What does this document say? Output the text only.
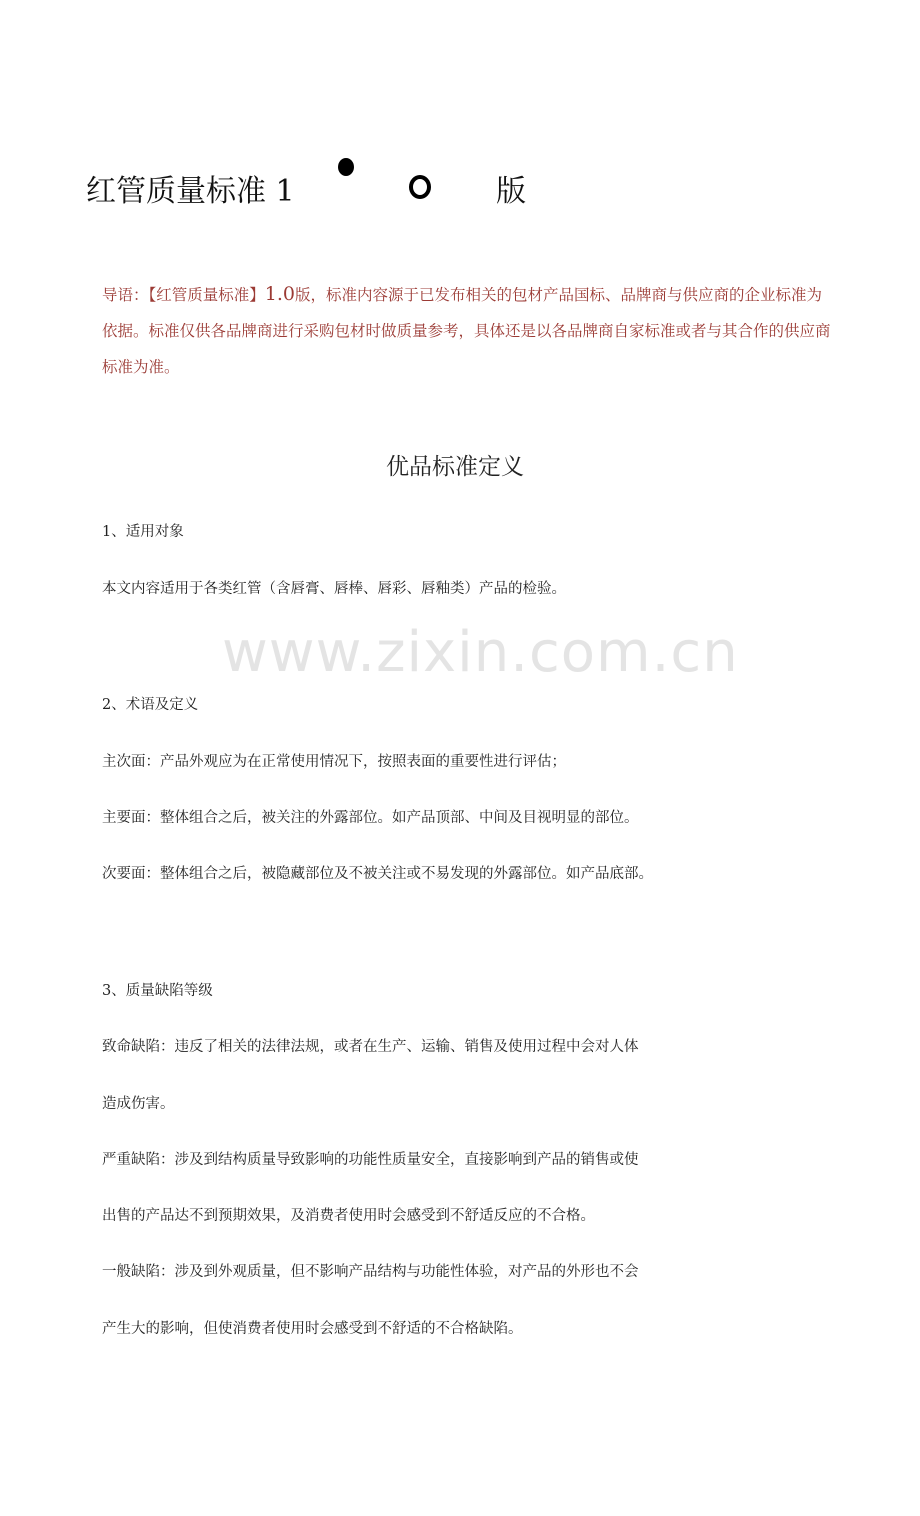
红管质量标准 1	版
导语：【红管质量标准】1.0版，标准内容源于已发布相关的包材产品国标、品牌商与供应商的企业标准为依据。标准仅供各品牌商进行采购包材时做质量参考，具体还是以各品牌商自家标准或者与其合作的供应商标准为准。
优品标准定义
www.zixin.com.cn
1、适用对象
本文内容适用于各类红管（含唇膏、唇棒、唇彩、唇釉类）产品的检验。
2、术语及定义
主次面：产品外观应为在正常使用情况下，按照表面的重要性进行评估；
主要面：整体组合之后，被关注的外露部位。如产品顶部、中间及目视明显的部位。
次要面：整体组合之后，被隐藏部位及不被关注或不易发现的外露部位。如产品底部。
3、质量缺陷等级
致命缺陷：违反了相关的法律法规，或者在生产、运输、销售及使用过程中会对人体
造成伤害。
严重缺陷：涉及到结构质量导致影响的功能性质量安全，直接影响到产品的销售或使
出售的产品达不到预期效果，及消费者使用时会感受到不舒适反应的不合格。
一般缺陷：涉及到外观质量，但不影响产品结构与功能性体验，对产品的外形也不会
产生大的影响，但使消费者使用时会感受到不舒适的不合格缺陷。
